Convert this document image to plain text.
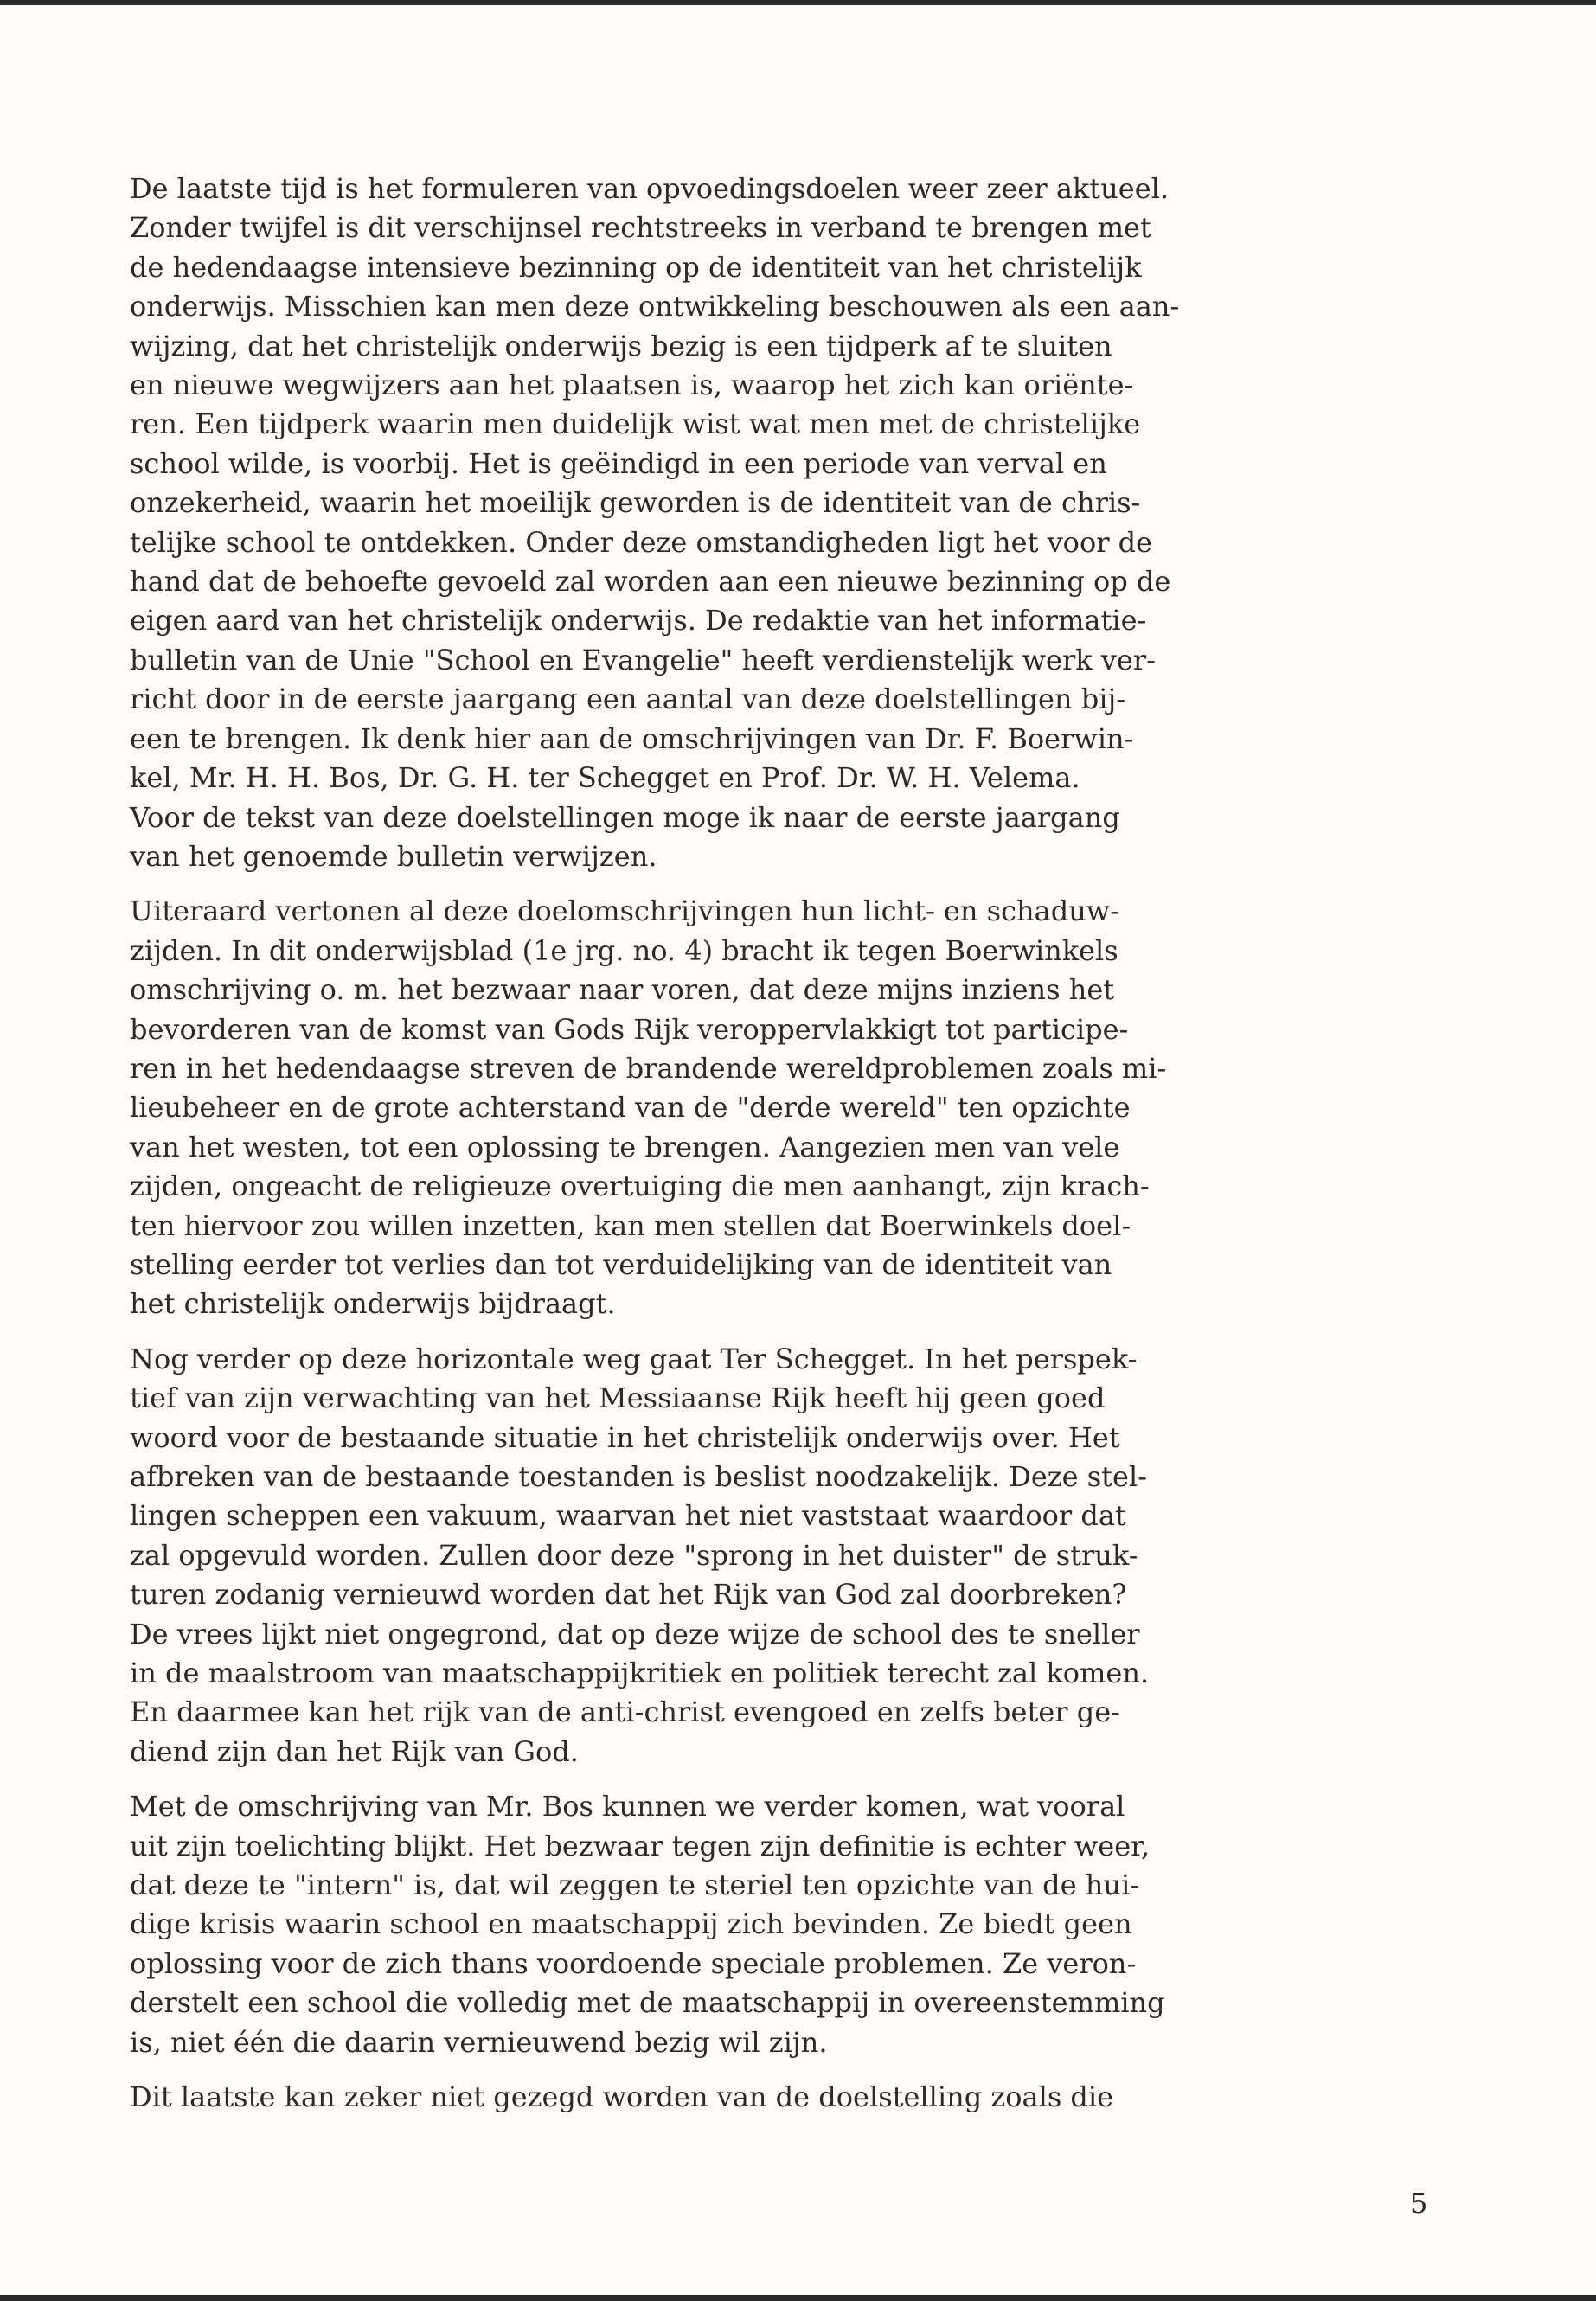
De laatste tijd is het formuleren van opvoedingsdoelen weer zeer aktueel.
Zonder twijfel is dit verschijnsel rechtstreeks in verband te brengen met
de hedendaagse intensieve bezinning op de identiteit van het christelijk
onderwijs. Misschien kan men deze ontwikkeling beschouwen als een aan-
wijzing, dat het christelijk onderwijs bezig is een tijdperk af te sluiten
en nieuwe wegwijzers aan het plaatsen is, waarop het zich kan oriënte-
ren. Een tijdperk waarin men duidelijk wist wat men met de christelijke
school wilde, is voorbij. Het is geëindigd in een periode van verval en
onzekerheid, waarin het moeilijk geworden is de identiteit van de chris-
telijke school te ontdekken. Onder deze omstandigheden ligt het voor de
hand dat de behoefte gevoeld zal worden aan een nieuwe bezinning op de
eigen aard van het christelijk onderwijs. De redaktie van het informatie-
bulletin van de Unie "School en Evangelie" heeft verdienstelijk werk ver-
richt door in de eerste jaargang een aantal van deze doelstellingen bij-
een te brengen. Ik denk hier aan de omschrijvingen van Dr. F. Boerwin-
kel, Mr. H. H. Bos, Dr. G. H. ter Schegget en Prof. Dr. W. H. Velema.
Voor de tekst van deze doelstellingen moge ik naar de eerste jaargang
van het genoemde bulletin verwijzen.
Uiteraard vertonen al deze doelomschrijvingen hun licht- en schaduw-
zijden. In dit onderwijsblad (1e jrg. no. 4) bracht ik tegen Boerwinkels
omschrijving o. m. het bezwaar naar voren, dat deze mijns inziens het
bevorderen van de komst van Gods Rijk veroppervlakkigt tot participe-
ren in het hedendaagse streven de brandende wereldproblemen zoals mi-
lieubeheer en de grote achterstand van de "derde wereld" ten opzichte
van het westen, tot een oplossing te brengen. Aangezien men van vele
zijden, ongeacht de religieuze overtuiging die men aanhangt, zijn krach-
ten hiervoor zou willen inzetten, kan men stellen dat Boerwinkels doel-
stelling eerder tot verlies dan tot verduidelijking van de identiteit van
het christelijk onderwijs bijdraagt.
Nog verder op deze horizontale weg gaat Ter Schegget. In het perspek-
tief van zijn verwachting van het Messiaanse Rijk heeft hij geen goed
woord voor de bestaande situatie in het christelijk onderwijs over. Het
afbreken van de bestaande toestanden is beslist noodzakelijk. Deze stel-
lingen scheppen een vakuum, waarvan het niet vaststaat waardoor dat
zal opgevuld worden. Zullen door deze "sprong in het duister" de struk-
turen zodanig vernieuwd worden dat het Rijk van God zal doorbreken?
De vrees lijkt niet ongegrond, dat op deze wijze de school des te sneller
in de maalstroom van maatschappijkritiek en politiek terecht zal komen.
En daarmee kan het rijk van de anti-christ evengoed en zelfs beter ge-
diend zijn dan het Rijk van God.
Met de omschrijving van Mr. Bos kunnen we verder komen, wat vooral
uit zijn toelichting blijkt. Het bezwaar tegen zijn definitie is echter weer,
dat deze te "intern" is, dat wil zeggen te steriel ten opzichte van de hui-
dige krisis waarin school en maatschappij zich bevinden. Ze biedt geen
oplossing voor de zich thans voordoende speciale problemen. Ze veron-
derstelt een school die volledig met de maatschappij in overeenstemming
is, niet één die daarin vernieuwend bezig wil zijn.
Dit laatste kan zeker niet gezegd worden van de doelstelling zoals die
5
